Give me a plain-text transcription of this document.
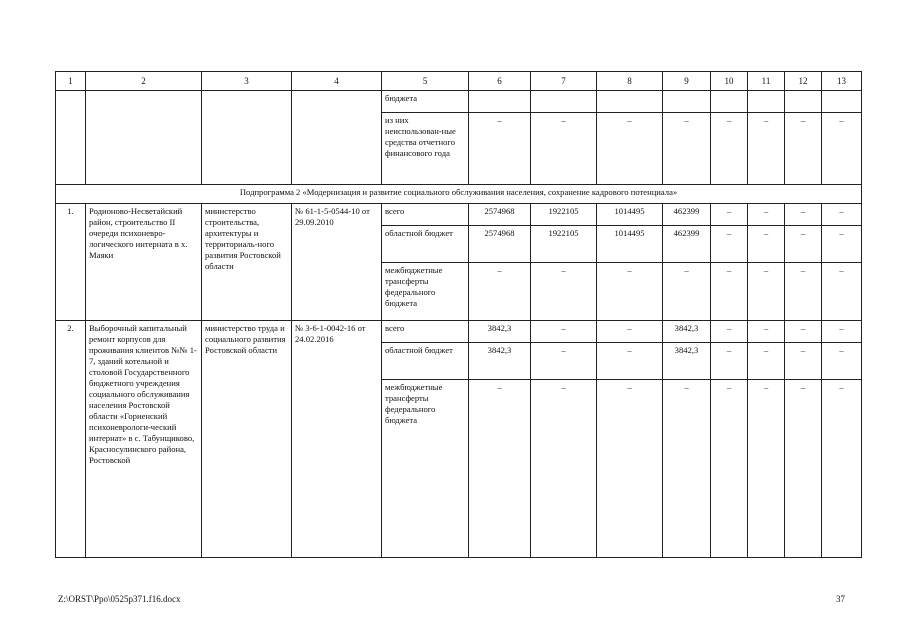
1	2	3	4	5	6	7	8	9	10	11	12	13
				бюджета								
				из них неиспользован-ные средства отчетного финансового года	–	–	–	–	–	–	–	–
Подпрограмма 2 «Модернизация и развитие социального обслуживания населения, сохранение кадрового потенциала»												
1.	Родионово-Несветайский район, строительство II очереди психоневро-логического интерната в х. Маяки	министерство строительства, архитектуры и территориаль-ного развития Ростовской области	№ 61-1-5-0544-10 от 29.09.2010	всего	2574968	1922105	1014495	462399	–	–	–	–
				областной бюджет	2574968	1922105	1014495	462399	–	–	–	–
				межбюджетные трансферты федерального бюджета	–	–	–	–	–	–	–	–
2.	Выборочный капитальный ремонт корпусов для проживания клиентов №№ 1-7, зданий котельной и столовой Государственного бюджетного учреждения социального обслуживания населения Ростовской области «Гориенский психоневрологи-ческий интернат» в с. Табунщиково, Красносулинского района, Ростовской	министерство труда и социального развития Ростовской области	№ 3-6-1-0042-16 от 24.02.2016	всего	3842,3	–	–	3842,3	–	–	–	–
				областной бюджет	3842,3	–	–	3842,3	–	–	–	–
				межбюджетные трансферты федерального бюджета	–	–	–	–	–	–	–	–
Z:\ORST\Ppo\0525p371.f16.docx	37
